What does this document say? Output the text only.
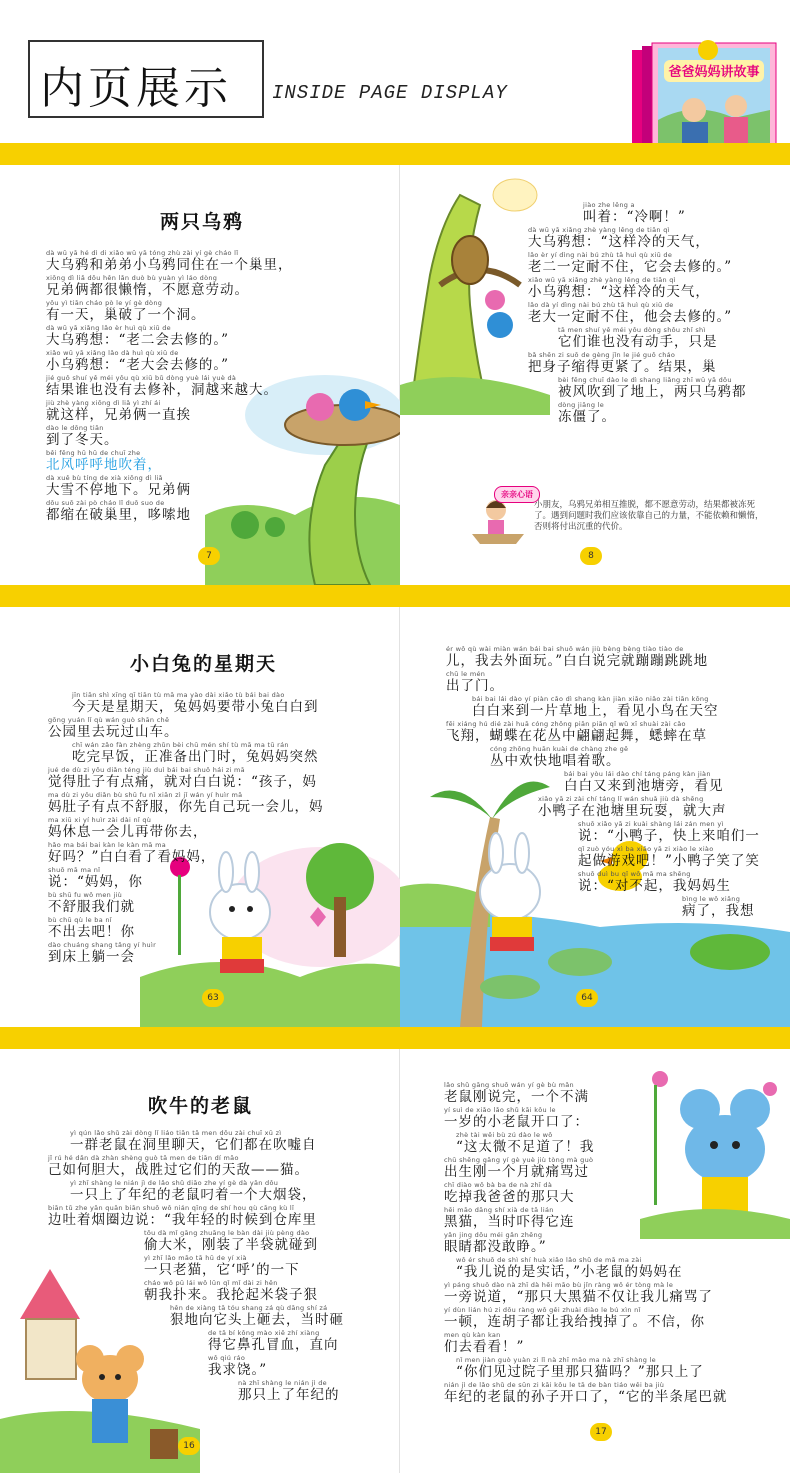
内页展示 INSIDE PAGE DISPLAY
爸爸妈妈讲故事
两只乌鸦
dà wū yā hé dì di xiǎo wū yā tóng zhù zài yí gè cháo lǐ
大乌鸦和弟弟小乌鸦同住在一个巢里，
xiōng dì liǎ dōu hěn lǎn duò bù yuàn yì láo dòng
兄弟俩都很懒惰，不愿意劳动。
yǒu yì tiān cháo pò le yí gè dòng
有一天，巢破了一个洞。
dà wū yā xiǎng lǎo èr huì qù xiū de
大乌鸦想：“老二会去修的。”
xiǎo wū yā xiǎng lǎo dà huì qù xiū de
小乌鸦想：“老大会去修的。”
jié guǒ shuí yě méi yǒu qù xiū bǔ dòng yuè lái yuè dà
结果谁也没有去修补，洞越来越大。
jiù zhè yàng xiōng dì liǎ yì zhí ái
就这样，兄弟俩一直挨
dào le dōng tiān
到了冬天。
běi fēng hū hū de chuī zhe
北风呼呼地吹着，
dà xuě bù tíng de xià xiōng dì liǎ
大雪不停地下。兄弟俩
dōu suō zài pò cháo lǐ duō suo de
都缩在破巢里，哆嗦地
7
jiào zhe lěng a
叫着：“冷啊！”
dà wū yā xiǎng zhè yàng lěng de tiān qì
大乌鸦想：“这样冷的天气，
lǎo èr yí dìng nài bú zhù tā huì qù xiū de
老二一定耐不住，它会去修的。”
xiǎo wū yā xiǎng zhè yàng lěng de tiān qì
小乌鸦想：“这样冷的天气，
lǎo dà yí dìng nài bú zhù tā huì qù xiū de
老大一定耐不住，他会去修的。”
tā men shuí yě méi yǒu dòng shǒu zhǐ shì
它们谁也没有动手，只是
bǎ shēn zi suō de gèng jǐn le jié guǒ cháo
把身子缩得更紧了。结果，巢
bèi fēng chuī dào le dì shang liǎng zhī wū yā dōu
被风吹到了地上，两只乌鸦都
dòng jiāng le
冻僵了。
8
亲亲心语
小朋友，乌鸦兄弟相互推脱，都不愿意劳动，结果都被冻死了。遇到问题时我们应该依靠自己的力量，不能依赖和懒惰，否则将付出沉重的代价。
小白兔的星期天
jīn tiān shì xīng qī tiān tù mā ma yào dài xiǎo tù bái bai dào
今天是星期天，兔妈妈要带小兔白白到
gōng yuán lǐ qù wán guò shān chē
公园里去玩过山车。
chī wán zǎo fàn zhèng zhǔn bèi chū mén shí tù mā ma tū rán
吃完早饭，正准备出门时，兔妈妈突然
jué de dù zi yǒu diǎn téng jiù duì bái bai shuō hái zi mā
觉得肚子有点痛，就对白白说：“孩子，妈
ma dù zi yǒu diǎn bù shū fu nǐ xiān zì jǐ wán yí huìr mā
妈肚子有点不舒服，你先自己玩一会儿，妈
ma xiū xi yí huìr zài dài nǐ qù
妈休息一会儿再带你去，
hǎo ma bái bai kàn le kàn mā ma
好吗？”白白看了看妈妈，
shuō mā ma nǐ
说：“妈妈，你
bù shū fu wǒ men jiù
不舒服我们就
bù chū qù le ba nǐ
不出去吧！你
dào chuáng shang tǎng yí huìr
到床上躺一会
63
ér wǒ qù wài miàn wán bái bai shuō wán jiù bèng bèng tiào tiào de
儿，我去外面玩。”白白说完就蹦蹦跳跳地
chū le mén
出了门。
bái bai lái dào yí piàn cǎo dì shang kàn jiàn xiǎo niǎo zài tiān kōng
白白来到一片草地上，看见小鸟在天空
fēi xiáng hú dié zài huā cóng zhōng piān piān qǐ wǔ xī shuài zài cǎo
飞翔，蝴蝶在花丛中翩翩起舞，蟋蟀在草
cóng zhōng huān kuài de chàng zhe gē
丛中欢快地唱着歌。
bái bai yòu lái dào chí táng páng kàn jiàn
白白又来到池塘旁，看见
xiǎo yā zi zài chí táng lǐ wán shuǎ jiù dà shēng
小鸭子在池塘里玩耍，就大声
shuō xiǎo yā zi kuài shàng lái zán men yì
说：“小鸭子，快上来咱们一
qǐ zuò yóu xì ba xiǎo yā zi xiào le xiào
起做游戏吧！”小鸭子笑了笑
shuō duì bu qǐ wǒ mā ma shēng
说：“对不起，我妈妈生
bìng le wǒ xiǎng
病了，我想
64
吹牛的老鼠
yì qún lǎo shǔ zài dòng lǐ liáo tiān tā men dōu zài chuī xū zì
一群老鼠在洞里聊天，它们都在吹嘘自
jǐ rú hé dǎn dà zhàn shèng guò tā men de tiān dí māo
己如何胆大，战胜过它们的天敌——猫。
yì zhī shàng le nián jì de lǎo shǔ diāo zhe yí gè dà yān dǒu
一只上了年纪的老鼠叼着一个大烟袋，
biān tǔ zhe yān quān biān shuō wǒ nián qīng de shí hou qù cāng kù lǐ
边吐着烟圈边说：“我年轻的时候到仓库里
tōu dà mǐ gāng zhuāng le bàn dài jiù pèng dào
偷大米，刚装了半袋就碰到
yì zhī lǎo māo tā hū de yí xià
一只老猫，它‘呼’的一下
cháo wǒ pū lái wǒ lūn qǐ mǐ dài zi hěn
朝我扑来。我抡起米袋子狠
hěn de xiàng tā tóu shang zá qù dāng shí zá
狠地向它头上砸去，当时砸
de tā bí kǒng mào xiě zhí xiàng
得它鼻孔冒血，直向
wǒ qiú ráo
我求饶。”
nà zhī shàng le nián jì de
那只上了年纪的
16
lǎo shǔ gāng shuō wán yí gè bù mǎn
老鼠刚说完，一个不满
yí suì de xiǎo lǎo shǔ kāi kǒu le
一岁的小老鼠开口了：
zhè tài wēi bù zú dào le wǒ
“这太微不足道了！我
chū shēng gāng yí gè yuè jiù tòng mà guò
出生刚一个月就痛骂过
chī diào wǒ bà ba de nà zhī dà
吃掉我爸爸的那只大
hēi māo dāng shí xià de tā lián
黑猫，当时吓得它连
yǎn jing dōu méi gǎn zhēng
眼睛都没敢睁。”
wǒ ér shuō de shì shí huà xiǎo lǎo shǔ de mā ma zài
“我儿说的是实话，”小老鼠的妈妈在
yì páng shuō dào nà zhī dà hēi māo bù jǐn ràng wǒ ér tòng mà le
一旁说道，“那只大黑猫不仅让我儿痛骂了
yí dùn lián hú zi dōu ràng wǒ gěi zhuài diào le bú xìn nǐ
一顿，连胡子都让我给拽掉了。不信，你
men qù kàn kan
们去看看！”
nǐ men jiàn guò yuàn zi lǐ nà zhī māo ma nà zhī shàng le
“你们见过院子里那只猫吗？”那只上了
nián jì de lǎo shǔ de sūn zi kāi kǒu le tā de bàn tiáo wěi ba jiù
年纪的老鼠的孙子开口了，“它的半条尾巴就
17
